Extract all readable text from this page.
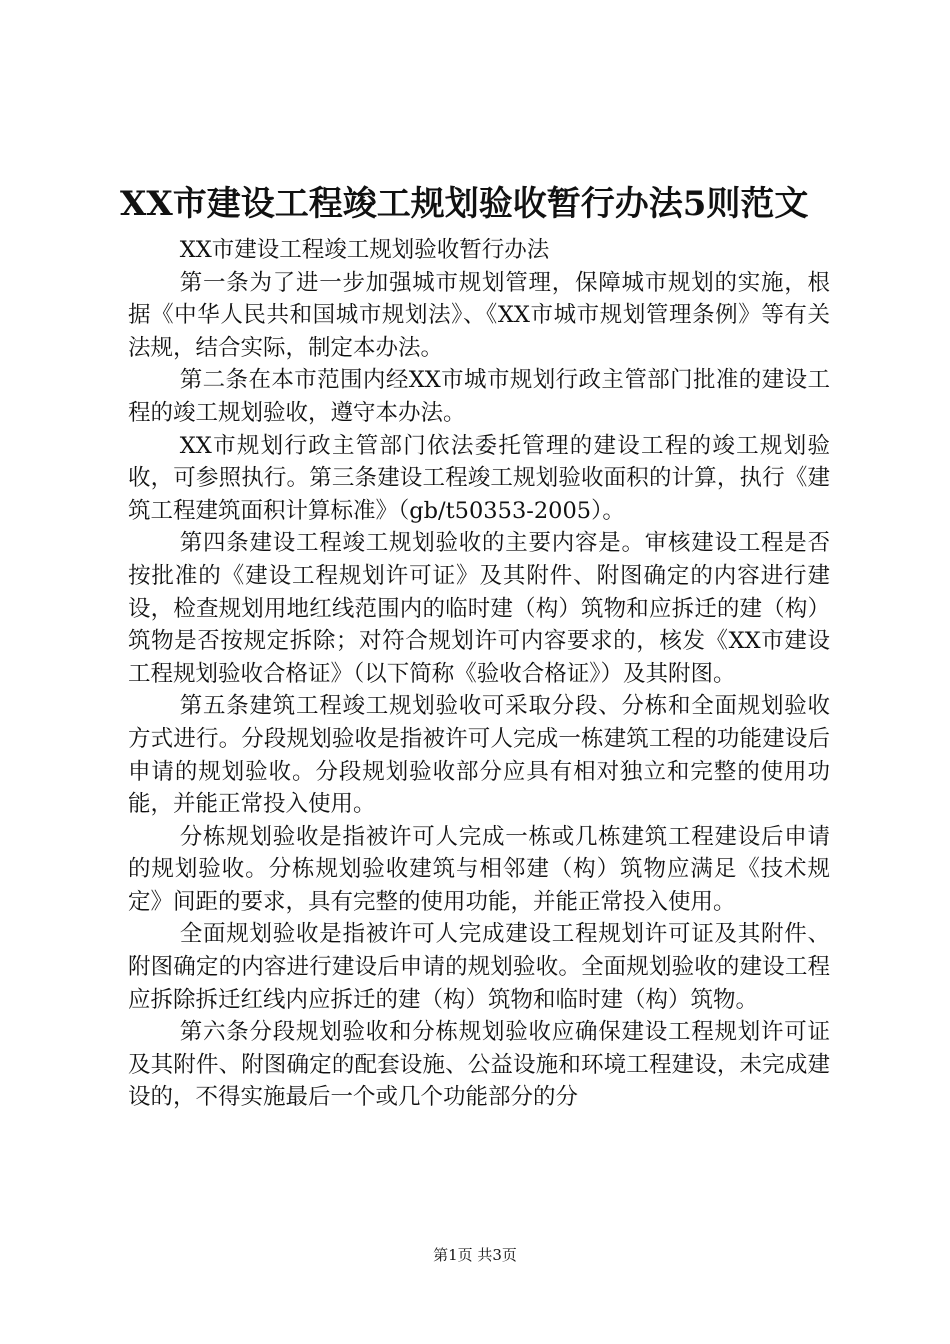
XX市建设工程竣工规划验收暂行办法5则范文

XX市建设工程竣工规划验收暂行办法

第一条为了进一步加强城市规划管理，保障城市规划的实施，根据《中华人民共和国城市规划法》、《XX市城市规划管理条例》等有关法规，结合实际，制定本办法。

第二条在本市范围内经XX市城市规划行政主管部门批准的建设工程的竣工规划验收，遵守本办法。

XX市规划行政主管部门依法委托管理的建设工程的竣工规划验收，可参照执行。第三条建设工程竣工规划验收面积的计算，执行《建筑工程建筑面积计算标准》（gb/t50353-2005）。

第四条建设工程竣工规划验收的主要内容是。审核建设工程是否按批准的《建设工程规划许可证》及其附件、附图确定的内容进行建设，检查规划用地红线范围内的临时建（构）筑物和应拆迁的建（构）筑物是否按规定拆除；对符合规划许可内容要求的，核发《XX市建设工程规划验收合格证》（以下简称《验收合格证》）及其附图。

第五条建筑工程竣工规划验收可采取分段、分栋和全面规划验收方式进行。分段规划验收是指被许可人完成一栋建筑工程的功能建设后申请的规划验收。分段规划验收部分应具有相对独立和完整的使用功能，并能正常投入使用。

分栋规划验收是指被许可人完成一栋或几栋建筑工程建设后申请的规划验收。分栋规划验收建筑与相邻建（构）筑物应满足《技术规定》间距的要求，具有完整的使用功能，并能正常投入使用。

全面规划验收是指被许可人完成建设工程规划许可证及其附件、附图确定的内容进行建设后申请的规划验收。全面规划验收的建设工程应拆除拆迁红线内应拆迁的建（构）筑物和临时建（构）筑物。

第六条分段规划验收和分栋规划验收应确保建设工程规划许可证及其附件、附图确定的配套设施、公益设施和环境工程建设，未完成建设的，不得实施最后一个或几个功能部分的分

第1页 共3页
